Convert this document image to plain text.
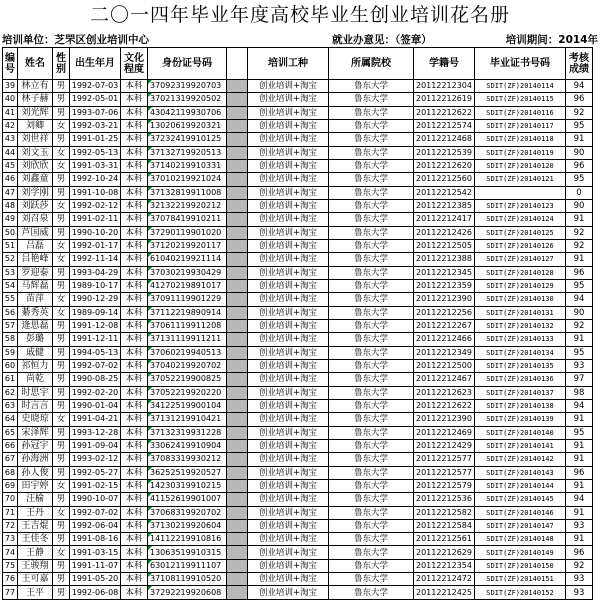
二〇一四年毕业年度高校毕业生创业培训花名册
培训单位：芝罘区创业培训中心	就业办意见：（签章）	培训期间：2014年
编号	姓名	性别	出生年月	文化程度	身份证号码		培训工种	所属院校	学籍号	毕业证书号码	考核成绩
39	林立有	男	1992-07-03	本科	37092319920703		创业培训+淘宝	鲁东大学	20112212304	SDIT(ZF)20140114	94
40	林子赫	男	1992-05-01	本科	37021319920502		创业培训+淘宝	鲁东大学	20112212619	SDIT(ZF)20140115	96
41	刘光辉	男	1993-07-06	本科	43042119930706		创业培训+淘宝	鲁东大学	20112212622	SDIT(ZF)20140116	92
42	刘卿	女	1992-03-21	本科	13020619920321		创业培训+淘宝	鲁东大学	20112212574	SDIT(ZF)20140117	95
43	刘世祥	男	1991-01-25	本科	37232419910125		创业培训+淘宝	鲁东大学	20112212468	SDIT(ZF)20140118	91
44	刘文玉	女	1992-05-13	本科	37132719920513		创业培训+淘宝	鲁东大学	20112212539	SDIT(ZF)20140119	90
45	刘欣欣	女	1991-03-31	本科	37140219910331		创业培训+淘宝	鲁东大学	20112212620	SDIT(ZF)20140120	96
46	刘鑫童	男	1992-10-24	本科	37010219921024		创业培训+淘宝	鲁东大学	20112212560	SDIT(ZF)20140121	95
47	刘学刚	男	1991-10-08	本科	37132819911008		创业培训+淘宝	鲁东大学	20112212542		0
48	刘跃莎	女	1992-02-12	本科	32132219920212		创业培训+淘宝	鲁东大学	20112212385	SDIT(ZF)20140123	90
49	刘召泉	男	1991-02-11	本科	37078419910211		创业培训+淘宝	鲁东大学	20112212417	SDIT(ZF)20140124	91
50	芦国威	男	1990-10-20	本科	37290119901020		创业培训+淘宝	鲁东大学	20112212426	SDIT(ZF)20140125	92
51	吕磊	女	1992-01-17	本科	37120219920117		创业培训+淘宝	鲁东大学	20112212505	SDIT(ZF)20140126	92
52	吕艳峰	女	1992-11-14	本科	61040219921114		创业培训+淘宝	鲁东大学	20112212388	SDIT(ZF)20140127	91
53	罗迎泰	男	1993-04-29	本科	37030219930429		创业培训+淘宝	鲁东大学	20112212345	SDIT(ZF)20140128	96
54	马辉磊	男	1989-10-17	本科	41270219891017		创业培训+淘宝	鲁东大学	20112212359	SDIT(ZF)20140129	95
55	苗萍	女	1990-12-29	本科	37091119901229		创业培训+淘宝	鲁东大学	20112212390	SDIT(ZF)20140130	94
56	綦秀英	女	1989-09-14	本科	37112219890914		创业培训+淘宝	鲁东大学	20112212256	SDIT(ZF)20140131	90
57	逄思磊	男	1991-12-08	本科	37061119911208		创业培训+淘宝	鲁东大学	20112212267	SDIT(ZF)20140132	92
58	彭璐	男	1991-12-11	本科	37131119911211		创业培训+淘宝	鲁东大学	20112212466	SDIT(ZF)20140133	91
59	戚健	男	1994-05-13	本科	37060219940513		创业培训+淘宝	鲁东大学	20112212349	SDIT(ZF)20140134	95
60	祁恒力	男	1992-07-02	本科	37040219920702		创业培训+淘宝	鲁东大学	20112212500	SDIT(ZF)20140135	93
61	尚乾	男	1990-08-25	本科	37052219900825		创业培训+淘宝	鲁东大学	20112212467	SDIT(ZF)20140136	97
62	时思宇	男	1992-02-20	本科	37052219920220		创业培训+淘宝	鲁东大学	20112212623	SDIT(ZF)20140137	98
63	时言言	男	1990-01-04	本科	34122519900104		创业培训+淘宝	鲁东大学	20112212622	SDIT(ZF)20140138	94
64	史晓琼	女	1991-04-21	本科	37131219910421		创业培训+淘宝	鲁东大学	20112212390	SDIT(ZF)20140139	91
65	宋泽辉	男	1993-12-28	本科	37132319931228		创业培训+淘宝	鲁东大学	20112212469	SDIT(ZF)20140140	95
66	孙冠宇	男	1991-09-04	本科	33062419910904		创业培训+淘宝	鲁东大学	20112212429	SDIT(ZF)20140141	91
67	孙海洲	男	1993-02-12	本科	37083319930212		创业培训+淘宝	鲁东大学	20112212577	SDIT(ZF)20140142	91
68	孙人俊	男	1992-05-27	本科	36252519920527		创业培训+淘宝	鲁东大学	20112212577	SDIT(ZF)20140143	96
69	田宇婷	女	1991-02-15	本科	14230319910215		创业培训+淘宝	鲁东大学	20112212579	SDIT(ZF)20140144	91
70	汪榆	男	1990-10-07	本科	41152619901007		创业培训+淘宝	鲁东大学	20112212536	SDIT(ZF)20140145	94
71	王丹	女	1992-07-02	本科	37068319920702		创业培训+淘宝	鲁东大学	20112212582	SDIT(ZF)20140146	91
72	王吉焜	男	1992-06-04	本科	37130219920604		创业培训+淘宝	鲁东大学	20112212584	SDIT(ZF)20140147	93
73	王佳冬	男	1991-08-16	本科	14112219910816		创业培训+淘宝	鲁东大学	20112212561	SDIT(ZF)20140148	91
74	王静	女	1991-03-15	本科	13063519910315		创业培训+淘宝	鲁东大学	20112212629	SDIT(ZF)20140149	96
75	王骏翔	男	1991-11-07	本科	63012119911107		创业培训+淘宝	鲁东大学	20112212354	SDIT(ZF)20140150	92
76	王可嘉	男	1991-05-20	本科	37108119910520		创业培训+淘宝	鲁东大学	20112212472	SDIT(ZF)20140151	93
77	王平	男	1992-06-08	本科	37292219920608		创业培训+淘宝	鲁东大学	20112212425	SDIT(ZF)20140152	93
